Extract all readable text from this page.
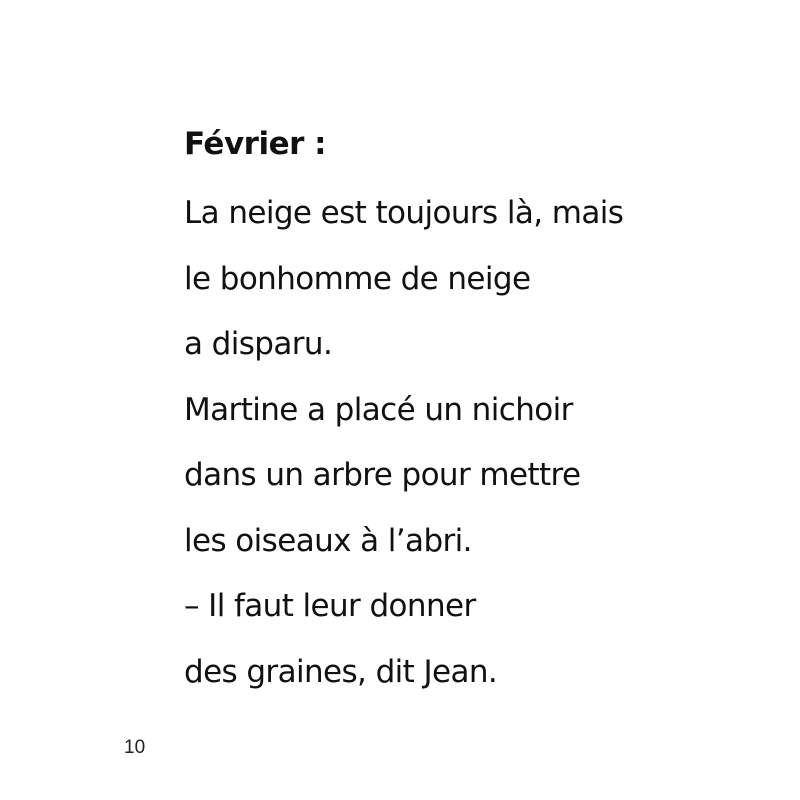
Février :
La neige est toujours là, mais
le bonhomme de neige
a disparu.
Martine a placé un nichoir
dans un arbre pour mettre
les oiseaux à l’abri.
– Il faut leur donner
des graines, dit Jean.
10
